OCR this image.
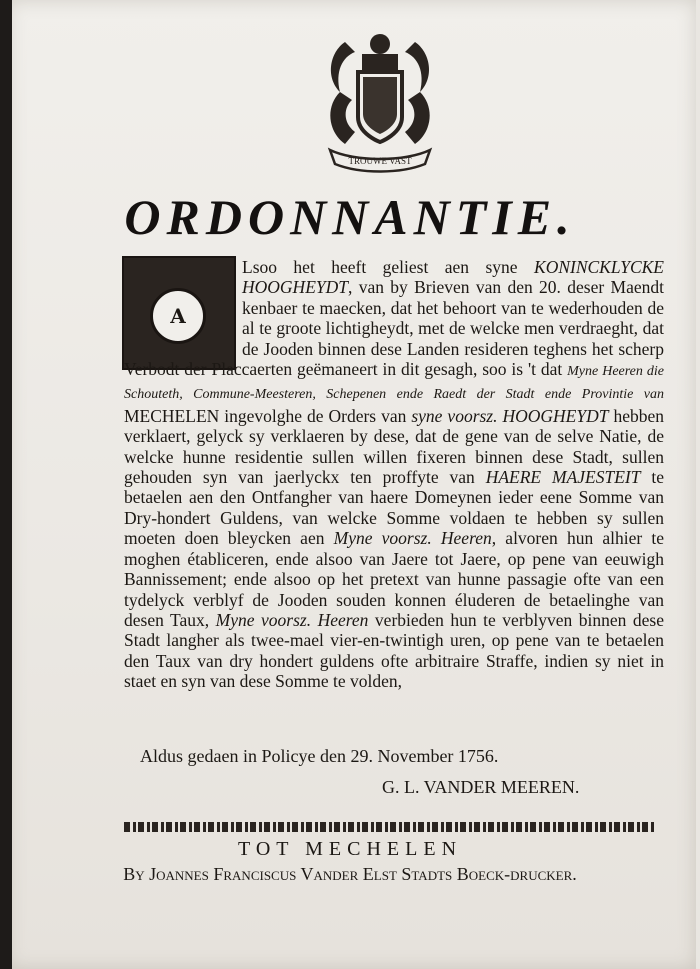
TROUWE VAST
ORDONNANTIE.
A
Lsoo het heeft geliest aen syne KONINCKLYCKE HOOGHEYDT, van by Brieven van den 20. deser Maendt kenbaer te maecken, dat het behoort van te wederhouden de al te groote lichtigheydt, met de welcke men verdraeght, dat de Jooden binnen dese Landen resideren teghens het scherp Verbodt der Placcaerten geëmaneert in dit gesagh, soo is 't dat Myne Heeren die Schouteth, Commune-Meesteren, Schepenen ende Raedt der Stadt ende Provintie van MECHELEN ingevolghe de Orders van syne voorsz. HOOGHEYDT hebben verklaert, gelyck sy verklaeren by dese, dat de gene van de selve Natie, de welcke hunne residentie sullen willen fixeren binnen dese Stadt, sullen gehouden syn van jaerlyckx ten proffyte van HAERE MAJESTEIT te betaelen aen den Ontfangher van haere Domeynen ieder eene Somme van Dry-hondert Guldens, van welcke Somme voldaen te hebben sy sullen moeten doen bleycken aen Myne voorsz. Heeren, alvoren hun alhier te moghen établiceren, ende alsoo van Jaere tot Jaere, op pene van eeuwigh Bannissement; ende alsoo op het pretext van hunne passagie ofte van een tydelyck verblyf de Jooden souden konnen éluderen de betaelinghe van desen Taux, Myne voorsz. Heeren verbieden hun te verblyven binnen dese Stadt langher als twee-mael vier-en-twintigh uren, op pene van te betaelen den Taux van dry hondert guldens ofte arbitraire Straffe, indien sy niet in staet en syn van dese Somme te volden,
Aldus gedaen in Policye den 29. November 1756.
G. L. VANDER MEEREN.
TOT MECHELEN
By Joannes Franciscus Vander Elst Stadts Boeck-drucker.
